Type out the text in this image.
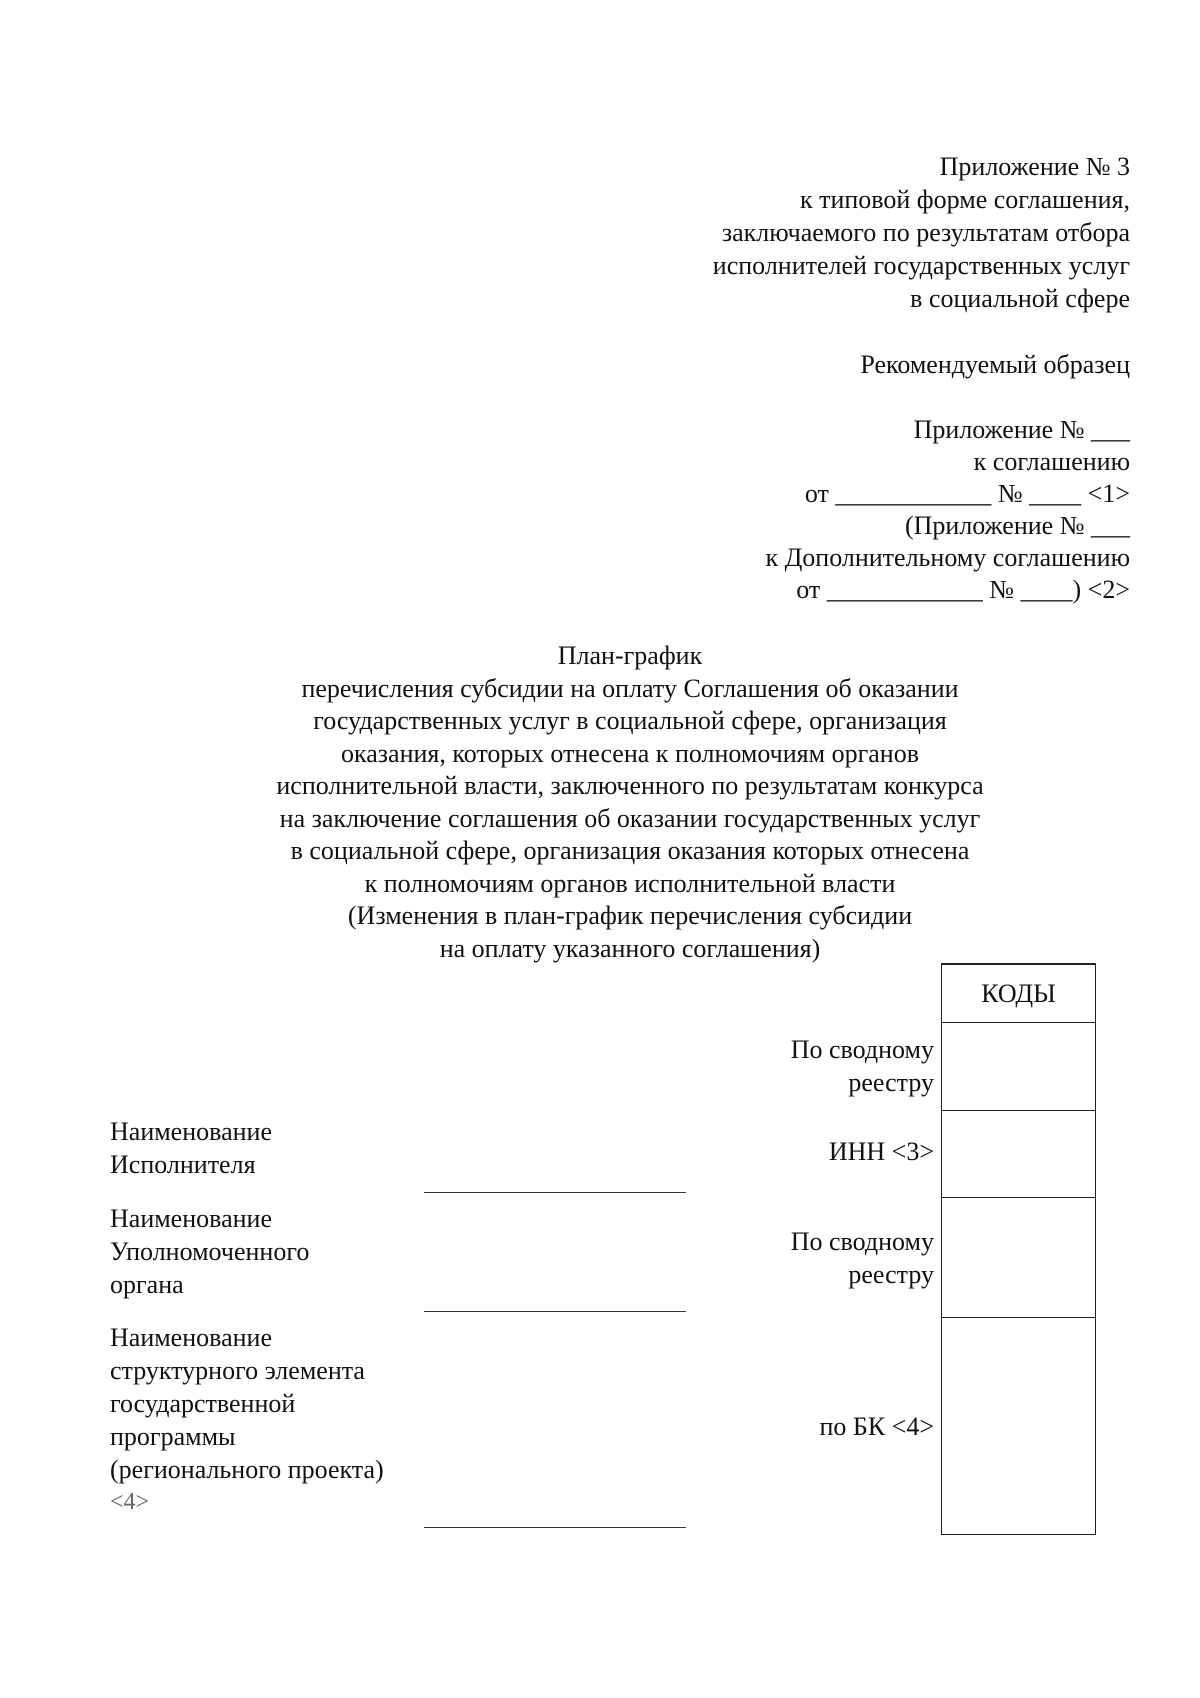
Приложение № 3
к типовой форме соглашения,
заключаемого по результатам отбора
исполнителей государственных услуг
в социальной сфере
Рекомендуемый образец
Приложение № ___
к соглашению
от ____________ № ____ <1>
(Приложение № ___
к Дополнительному соглашению
от ____________ № ____) <2>
План-график
перечисления субсидии на оплату Соглашения об оказании
государственных услуг в социальной сфере, организация
оказания, которых отнесена к полномочиям органов
исполнительной власти, заключенного по результатам конкурса
на заключение соглашения об оказании государственных услуг
в социальной сфере, организация оказания которых отнесена
к полномочиям органов исполнительной власти
(Изменения в план-график перечисления субсидии
на оплату указанного соглашения)
КОДЫ
По сводному
реестру
ИНН <3>
По сводному
реестру
по БК <4>
Наименование
Исполнителя
Наименование
Уполномоченного
органа
Наименование
структурного элемента
государственной
программы
(регионального проекта)
<4>
